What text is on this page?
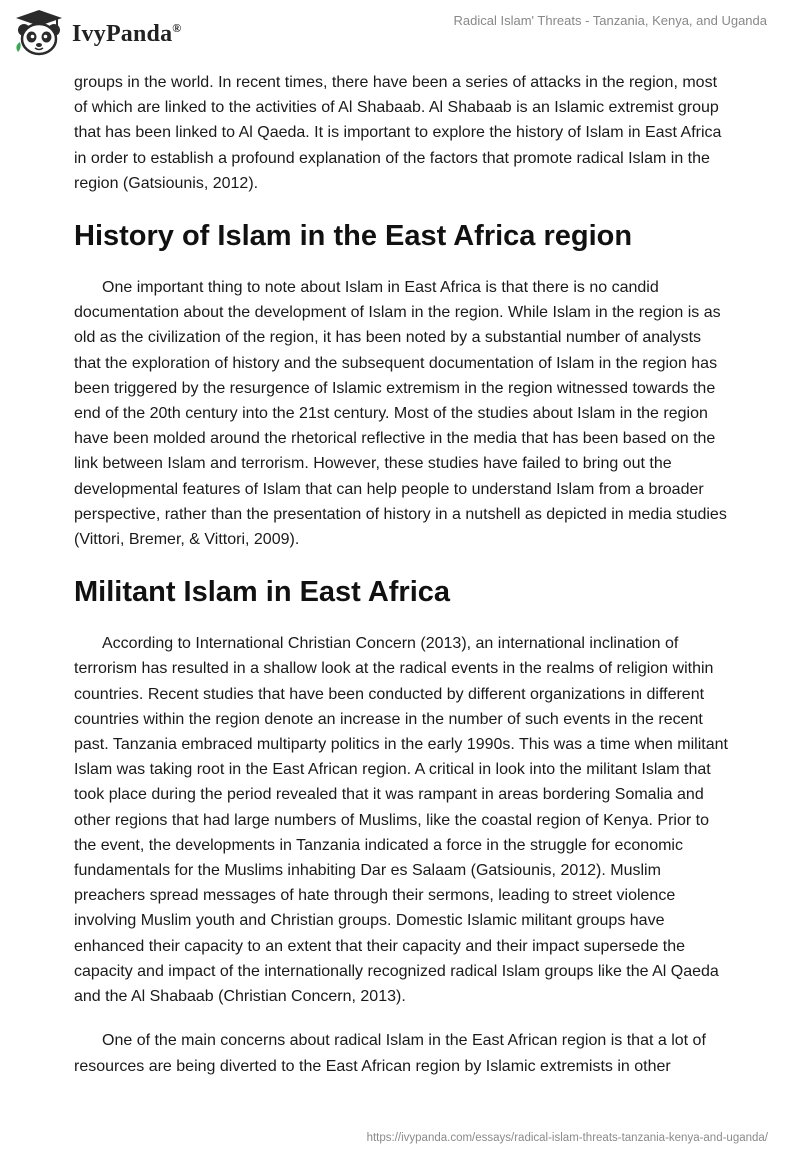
IvyPanda®	Radical Islam' Threats - Tanzania, Kenya, and Uganda

groups in the world. In recent times, there have been a series of attacks in the region, most of which are linked to the activities of Al Shabaab. Al Shabaab is an Islamic extremist group that has been linked to Al Qaeda. It is important to explore the history of Islam in East Africa in order to establish a profound explanation of the factors that promote radical Islam in the region (Gatsiounis, 2012).

History of Islam in the East Africa region

One important thing to note about Islam in East Africa is that there is no candid documentation about the development of Islam in the region. While Islam in the region is as old as the civilization of the region, it has been noted by a substantial number of analysts that the exploration of history and the subsequent documentation of Islam in the region has been triggered by the resurgence of Islamic extremism in the region witnessed towards the end of the 20th century into the 21st century. Most of the studies about Islam in the region have been molded around the rhetorical reflective in the media that has been based on the link between Islam and terrorism. However, these studies have failed to bring out the developmental features of Islam that can help people to understand Islam from a broader perspective, rather than the presentation of history in a nutshell as depicted in media studies (Vittori, Bremer, & Vittori, 2009).

Militant Islam in East Africa

According to International Christian Concern (2013), an international inclination of terrorism has resulted in a shallow look at the radical events in the realms of religion within countries. Recent studies that have been conducted by different organizations in different countries within the region denote an increase in the number of such events in the recent past. Tanzania embraced multiparty politics in the early 1990s. This was a time when militant Islam was taking root in the East African region. A critical in look into the militant Islam that took place during the period revealed that it was rampant in areas bordering Somalia and other regions that had large numbers of Muslims, like the coastal region of Kenya. Prior to the event, the developments in Tanzania indicated a force in the struggle for economic fundamentals for the Muslims inhabiting Dar es Salaam (Gatsiounis, 2012). Muslim preachers spread messages of hate through their sermons, leading to street violence involving Muslim youth and Christian groups. Domestic Islamic militant groups have enhanced their capacity to an extent that their capacity and their impact supersede the capacity and impact of the internationally recognized radical Islam groups like the Al Qaeda and the Al Shabaab (Christian Concern, 2013).

One of the main concerns about radical Islam in the East African region is that a lot of resources are being diverted to the East African region by Islamic extremists in other

https://ivypanda.com/essays/radical-islam-threats-tanzania-kenya-and-uganda/
